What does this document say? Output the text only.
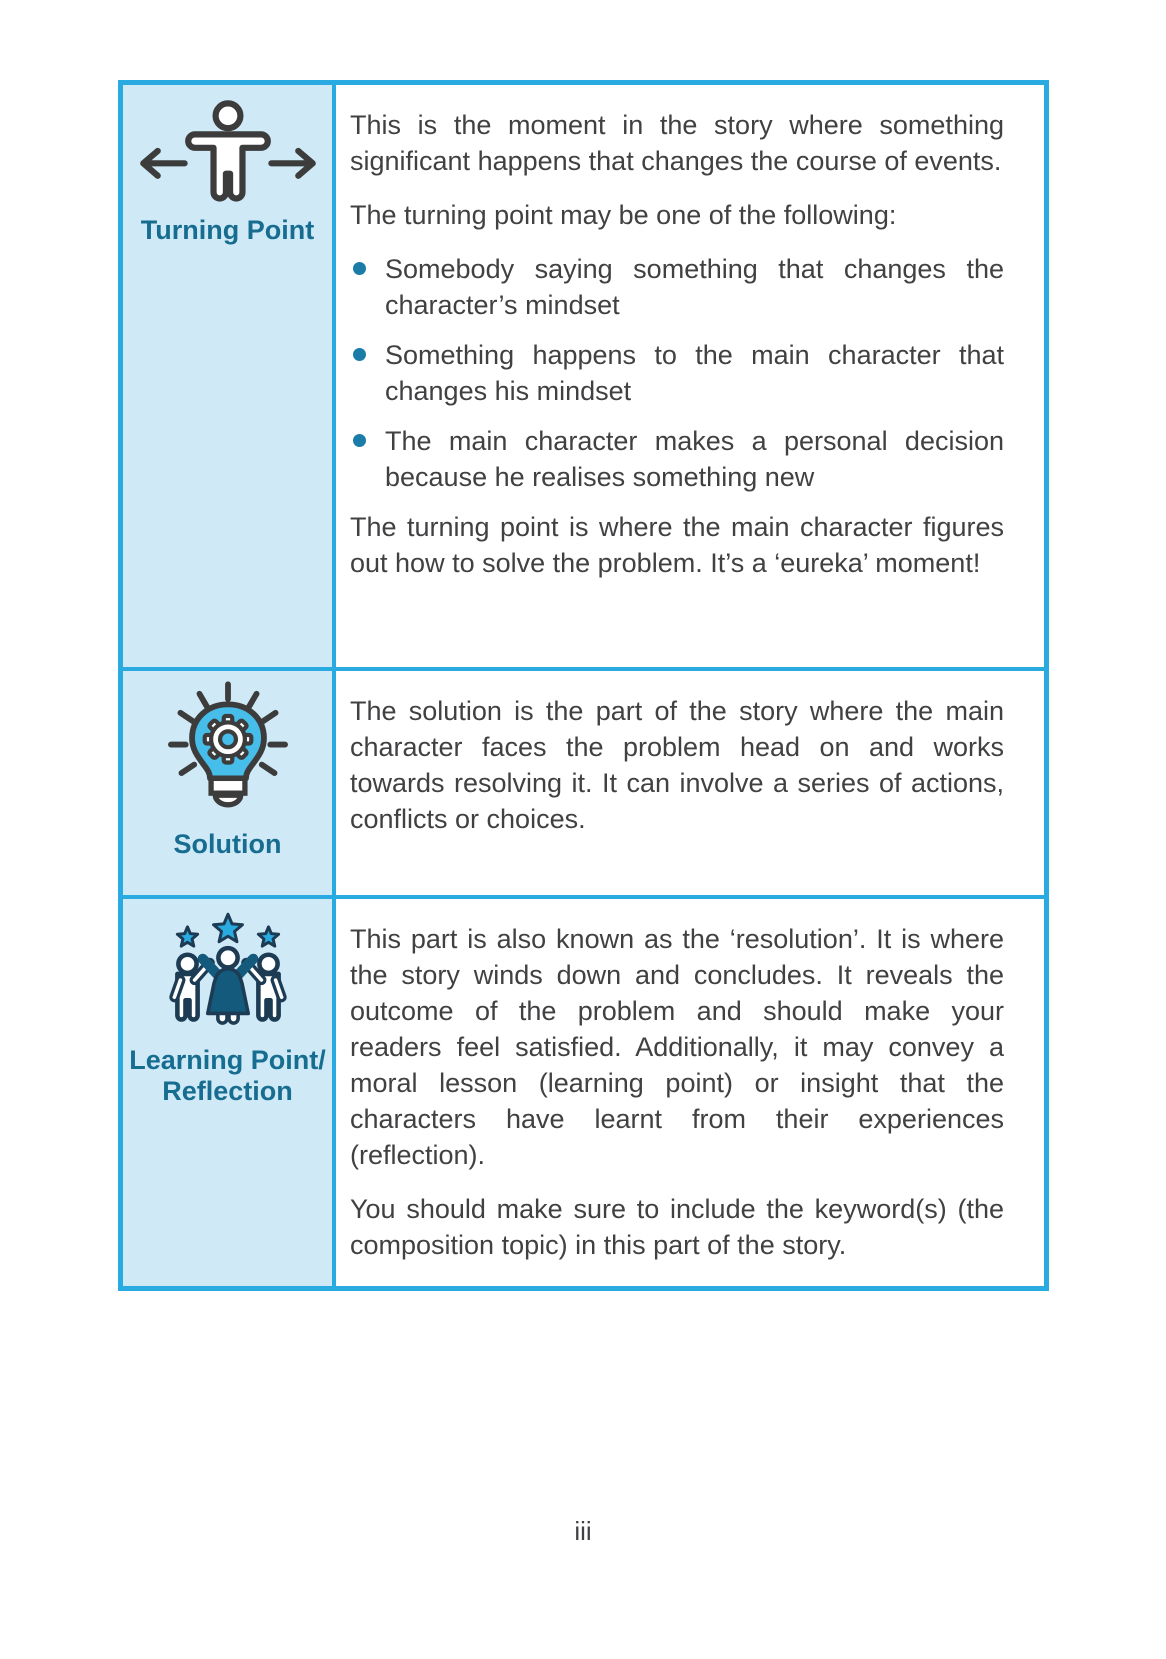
Turning Point

This is the moment in the story where something significant happens that changes the course of events.

The turning point may be one of the following:

Somebody saying something that changes the character’s mindset
Something happens to the main character that changes his mindset
The main character makes a personal decision because he realises something new

The turning point is where the main character figures out how to solve the problem. It’s a ‘eureka’ moment!

Solution

The solution is the part of the story where the main character faces the problem head on and works towards resolving it. It can involve a series of actions, conflicts or choices.

Learning Point/
Reflection

This part is also known as the ‘resolution’. It is where the story winds down and concludes. It reveals the outcome of the problem and should make your readers feel satisfied. Additionally, it may convey a moral lesson (learning point) or insight that the characters have learnt from their experiences (reflection).

You should make sure to include the keyword(s) (the composition topic) in this part of the story.

iii
